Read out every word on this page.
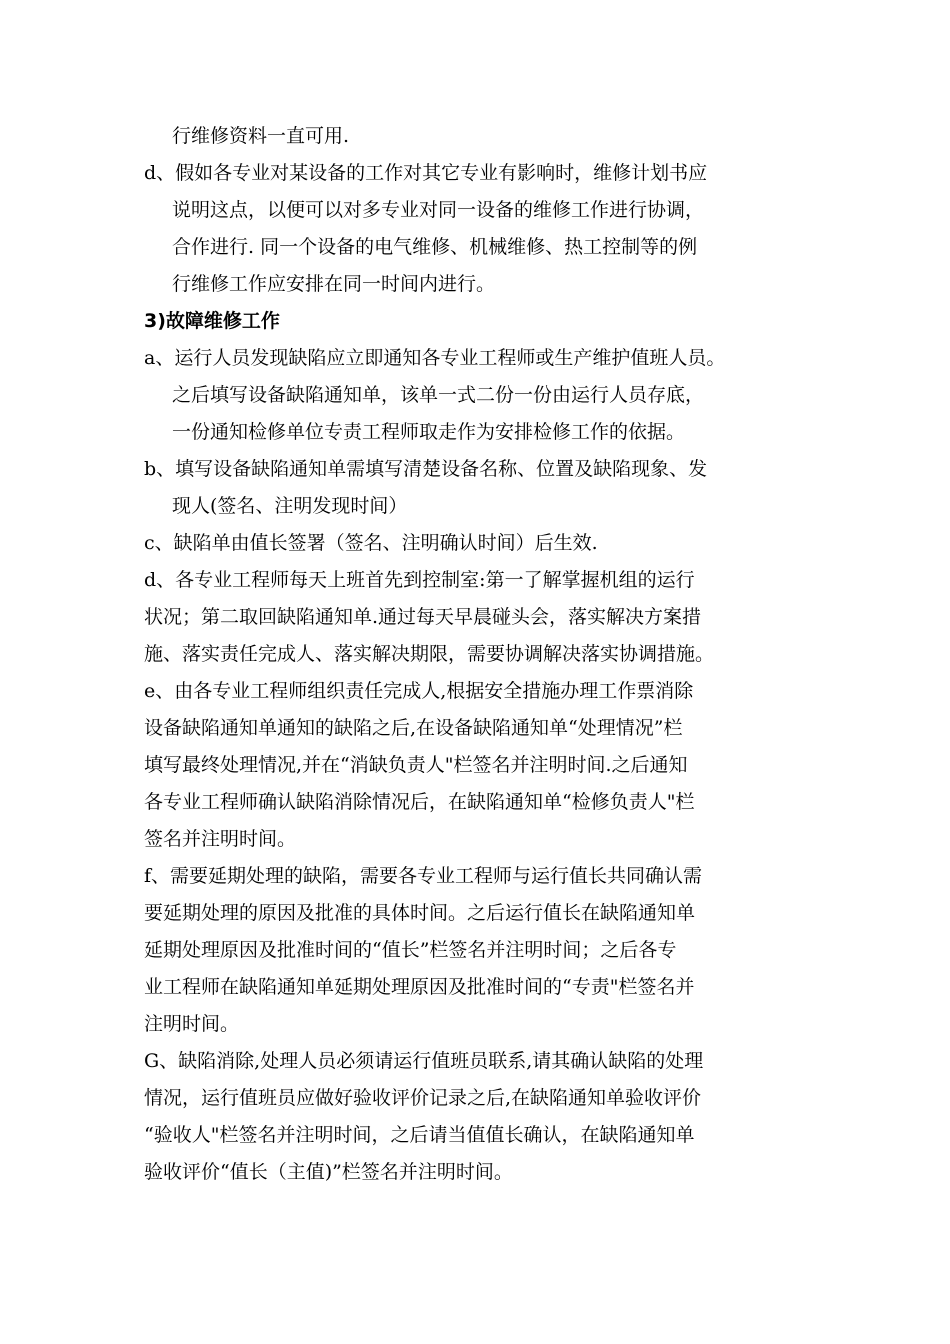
行维修资料一直可用.

d、假如各专业对某设备的工作对其它专业有影响时，维修计划书应

说明这点，以便可以对多专业对同一设备的维修工作进行协调，

合作进行. 同一个设备的电气维修、机械维修、热工控制等的例

行维修工作应安排在同一时间内进行。

3)故障维修工作

a、运行人员发现缺陷应立即通知各专业工程师或生产维护值班人员。

之后填写设备缺陷通知单，该单一式二份一份由运行人员存底，

一份通知检修单位专责工程师取走作为安排检修工作的依据。

b、填写设备缺陷通知单需填写清楚设备名称、位置及缺陷现象、发

现人(签名、注明发现时间）

c、缺陷单由值长签署（签名、注明确认时间）后生效.

d、各专业工程师每天上班首先到控制室:第一了解掌握机组的运行

状况；第二取回缺陷通知单.通过每天早晨碰头会，落实解决方案措

施、落实责任完成人、落实解决期限，需要协调解决落实协调措施。

e、由各专业工程师组织责任完成人,根据安全措施办理工作票消除

设备缺陷通知单通知的缺陷之后,在设备缺陷通知单“处理情况”栏

填写最终处理情况,并在“消缺负责人"栏签名并注明时间.之后通知

各专业工程师确认缺陷消除情况后，在缺陷通知单“检修负责人"栏

签名并注明时间。

f、需要延期处理的缺陷，需要各专业工程师与运行值长共同确认需

要延期处理的原因及批准的具体时间。之后运行值长在缺陷通知单

延期处理原因及批准时间的“值长”栏签名并注明时间；之后各专

业工程师在缺陷通知单延期处理原因及批准时间的“专责"栏签名并

注明时间。

G、缺陷消除,处理人员必须请运行值班员联系,请其确认缺陷的处理

情况，运行值班员应做好验收评价记录之后,在缺陷通知单验收评价

“验收人"栏签名并注明时间，之后请当值值长确认，在缺陷通知单

验收评价“值长（主值)”栏签名并注明时间。
